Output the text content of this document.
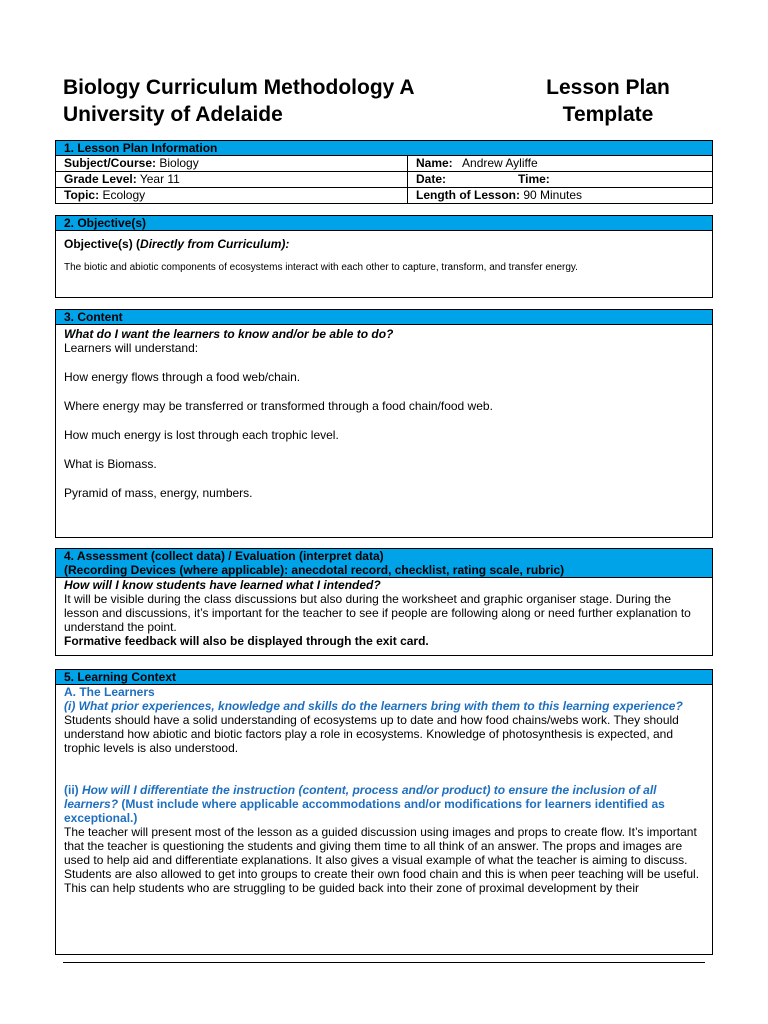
Biology Curriculum Methodology A
University of Adelaide
Lesson Plan
Template
1. Lesson Plan Information
Subject/Course: Biology	Name:   Andrew Ayliffe
Grade Level: Year 11	Date: Time:
Topic: Ecology	Length of Lesson: 90 Minutes
2. Objective(s)
Objective(s) (Directly from Curriculum):
The biotic and abiotic components of ecosystems interact with each other to capture, transform, and transfer energy.
3. Content
What do I want the learners to know and/or be able to do?

Learners will understand:

How energy flows through a food web/chain.

Where energy may be transferred or transformed through a food chain/food web.

How much energy is lost through each trophic level.

What is Biomass.

Pyramid of mass, energy, numbers.

4. Assessment (collect data) / Evaluation (interpret data)
(Recording Devices (where applicable): anecdotal record, checklist, rating scale, rubric)
How will I know students have learned what I intended?

It will be visible during the class discussions but also during the worksheet and graphic organiser stage. During the lesson and discussions, it’s important for the teacher to see if people are following along or need further explanation to understand the point.

Formative feedback will also be displayed through the exit card.

5. Learning Context
A. The Learners
(i) What prior experiences, knowledge and skills do the learners bring with them to this learning experience?

Students should have a solid understanding of ecosystems up to date and how food chains/webs work. They should understand how abiotic and biotic factors play a role in ecosystems. Knowledge of photosynthesis is expected, and trophic levels is also understood.

(ii) How will I differentiate the instruction (content, process and/or product) to ensure the inclusion of all learners? (Must include where applicable accommodations and/or modifications for learners identified as exceptional.)

The teacher will present most of the lesson as a guided discussion using images and props to create flow. It’s important that the teacher is questioning the students and giving them time to all think of an answer. The props and images are used to help aid and differentiate explanations. It also gives a visual example of what the teacher is aiming to discuss.

Students are also allowed to get into groups to create their own food chain and this is when peer teaching will be useful. This can help students who are struggling to be guided back into their zone of proximal development by their
